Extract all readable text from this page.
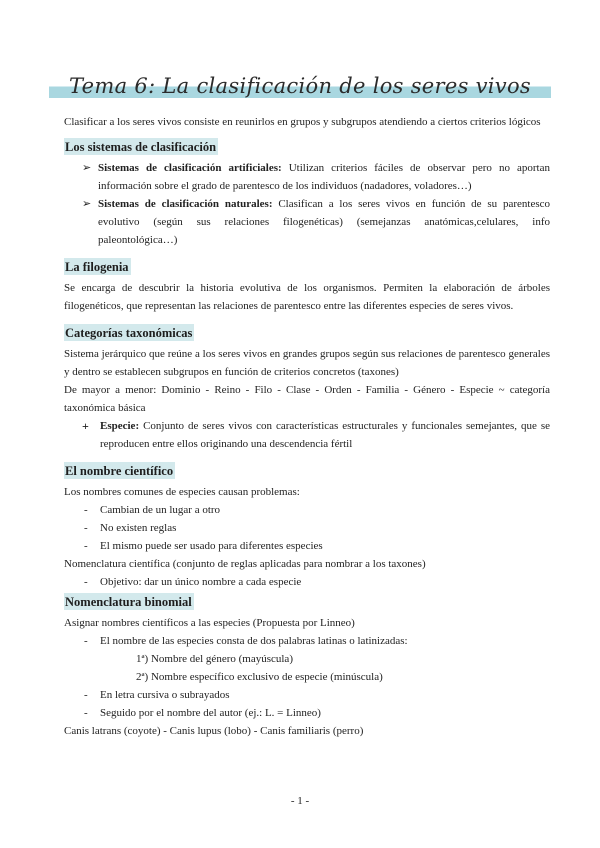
Tema 6: La clasificación de los seres vivos

Clasificar a los seres vivos consiste en reunirlos en grupos y subgrupos atendiendo a ciertos criterios lógicos

Los sistemas de clasificación
➢ Sistemas de clasificación artificiales: Utilizan criterios fáciles de observar pero no aportan información sobre el grado de parentesco de los individuos (nadadores, voladores…)
➢ Sistemas de clasificación naturales: Clasifican a los seres vivos en función de su parentesco evolutivo (según sus relaciones filogenéticas) (semejanzas anatómicas,celulares, info paleontológica…)
La filogenia

Se encarga de descubrir la historia evolutiva de los organismos. Permiten la elaboración de árboles filogenéticos, que representan las relaciones de parentesco entre las diferentes especies de seres vivos.

Categorías taxonómicas

Sistema jerárquico que reúne a los seres vivos en grandes grupos según sus relaciones de parentesco generales y dentro se establecen subgrupos en función de criterios concretos (taxones)

De mayor a menor: Dominio - Reino - Filo - Clase - Orden - Familia - Género - Especie ~ categoría taxonómica básica

+ Especie: Conjunto de seres vivos con características estructurales y funcionales semejantes, que se reproducen entre ellos originando una descendencia fértil
El nombre científico

Los nombres comunes de especies causan problemas:

- Cambian de un lugar a otro
- No existen reglas
- El mismo puede ser usado para diferentes especies

Nomenclatura científica (conjunto de reglas aplicadas para nombrar a los taxones)

- Objetivo: dar un único nombre a cada especie
Nomenclatura binomial

Asignar nombres científicos a las especies (Propuesta por Linneo)

- El nombre de las especies consta de dos palabras latinas o latinizadas:
1ª) Nombre del género (mayúscula)
2ª) Nombre específico exclusivo de especie (minúscula)
- En letra cursiva o subrayados
- Seguido por el nombre del autor (ej.: L. = Linneo)

Canis latrans (coyote) - Canis lupus (lobo) - Canis familiaris (perro)

- 1 -
